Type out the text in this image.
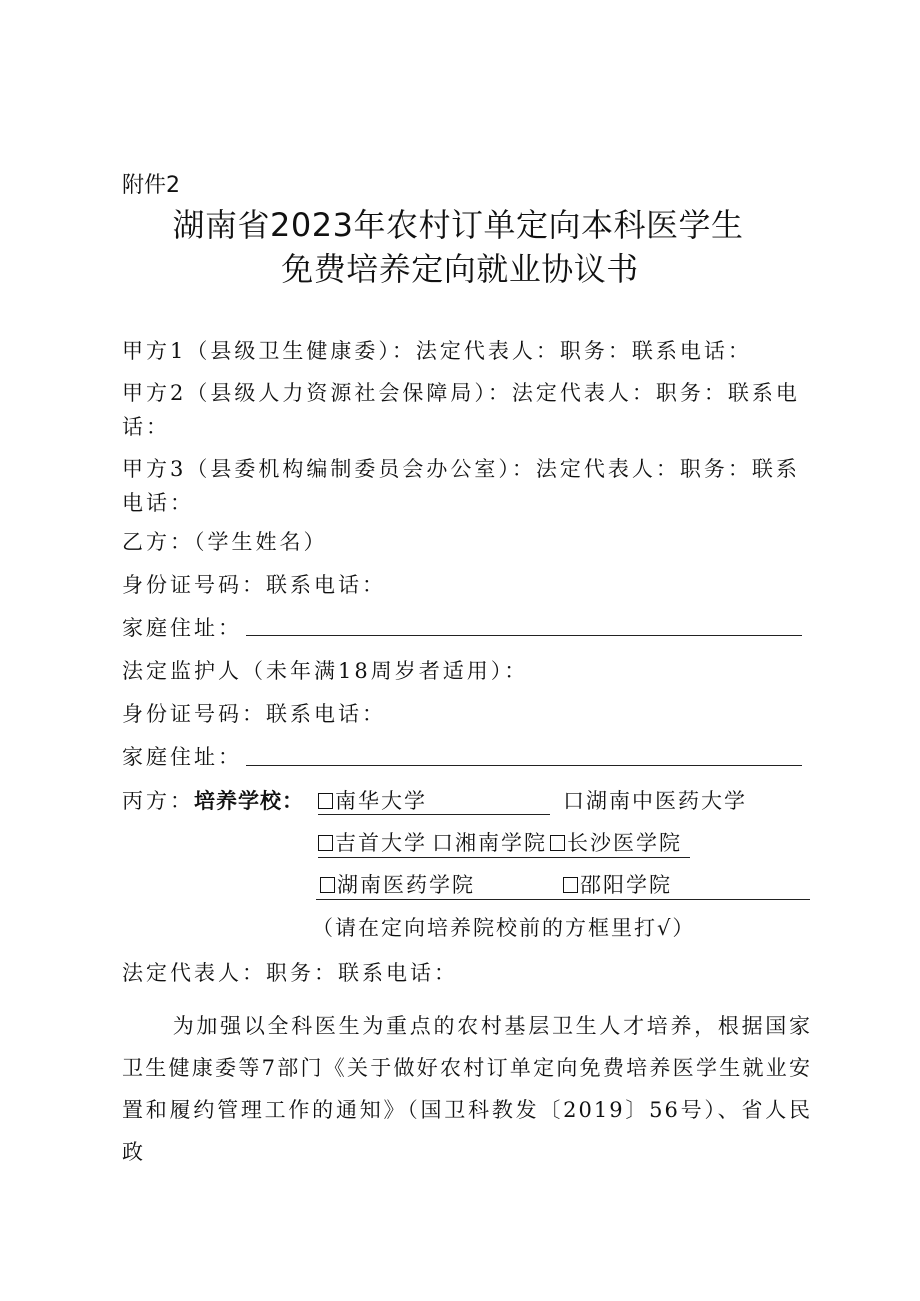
附件2
湖南省2023年农村订单定向本科医学生
免费培养定向就业协议书
甲方1（县级卫生健康委）：法定代表人：职务：联系电话：
甲方2（县级人力资源社会保障局）：法定代表人：职务：联系电话：
甲方3（县委机构编制委员会办公室）：法定代表人：职务：联系电话：
乙方：（学生姓名）
身份证号码：联系电话：
家庭住址：
法定监护人（未年满18周岁者适用）：
身份证号码：联系电话：
家庭住址：
丙方：培养学校：	南华大学	口湖南中医药大学
吉首大学 口湘南学院 长沙医学院
湖南医药学院	邵阳学院
（请在定向培养院校前的方框里打√）
法定代表人：职务：联系电话：
为加强以全科医生为重点的农村基层卫生人才培养，根据国家卫生健康委等7部门《关于做好农村订单定向免费培养医学生就业安置和履约管理工作的通知》（国卫科教发〔2019〕56号）、省人民政
